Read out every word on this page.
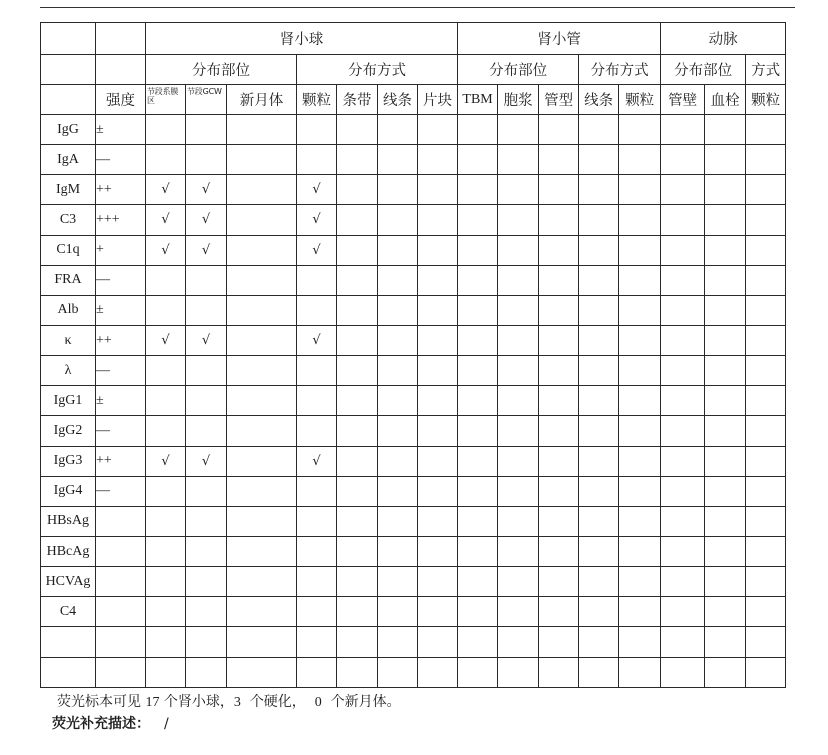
		肾小球							肾小管					动脉		
		分布部位			分布方式				分布部位			分布方式		分布部位		方式
	强度	节段系膜区	节段GCW	新月体	颗粒	条带	线条	片块	TBM	胞浆	管型	线条	颗粒	管壁	血栓	颗粒
IgG	±															
IgA	—															
IgM	++	√	√		√											
C3	+++	√	√		√											
C1q	+	√	√		√											
FRA	—															
Alb	±															
κ	++	√	√		√											
λ	—															
IgG1	±															
IgG2	—															
IgG3	++	√	√		√											
IgG4	—															
HBsAg																
HBcAg																
HCVAg																
C4																

荧光标本可见 17 个肾小球，3 个硬化， 0 个新月体。
荧光补充描述： /
